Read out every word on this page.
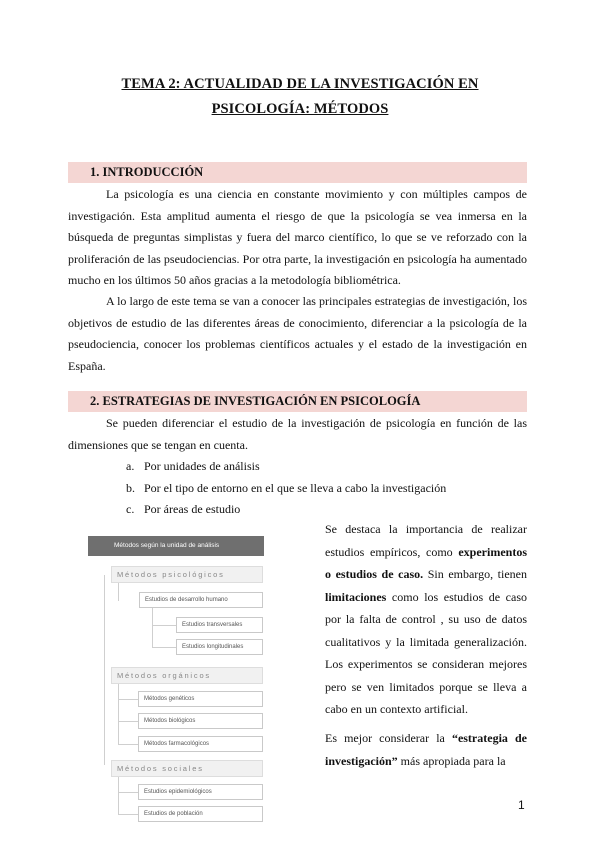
TEMA 2: ACTUALIDAD DE LA INVESTIGACIÓN EN
PSICOLOGÍA: MÉTODOS
1. INTRODUCCIÓN
La psicología es una ciencia en constante movimiento y con múltiples campos de investigación. Esta amplitud aumenta el riesgo de que la psicología se vea inmersa en la búsqueda de preguntas simplistas y fuera del marco científico, lo que se ve reforzado con la proliferación de las pseudociencias. Por otra parte, la investigación en psicología ha aumentado mucho en los últimos 50 años gracias a la metodología bibliométrica.
A lo largo de este tema se van a conocer las principales estrategias de investigación, los objetivos de estudio de las diferentes áreas de conocimiento, diferenciar a la psicología de la pseudociencia, conocer los problemas científicos actuales y el estado de la investigación en España.
2. ESTRATEGIAS DE INVESTIGACIÓN EN PSICOLOGÍA
Se pueden diferenciar el estudio de la investigación de psicología en función de las dimensiones que se tengan en cuenta.
a. Por unidades de análisis
b. Por el tipo de entorno en el que se lleva a cabo la investigación
c. Por áreas de estudio
Se destaca la importancia de realizar estudios empíricos, como experimentos o estudios de caso. Sin embargo, tienen limitaciones como los estudios de caso por la falta de control , su uso de datos cualitativos y la limitada generalización. Los experimentos se consideran mejores pero se ven limitados porque se lleva a cabo en un contexto artificial.
Es mejor considerar la “estrategia de investigación” más apropiada para la
Métodos según la unidad de análisis
Métodos psicológicos
Estudios de desarrollo humano
Estudios transversales
Estudios longitudinales
Métodos orgánicos
Métodos genéticos
Métodos biológicos
Métodos farmacológicos
Métodos sociales
Estudios epidemiológicos
Estudios de población
1
